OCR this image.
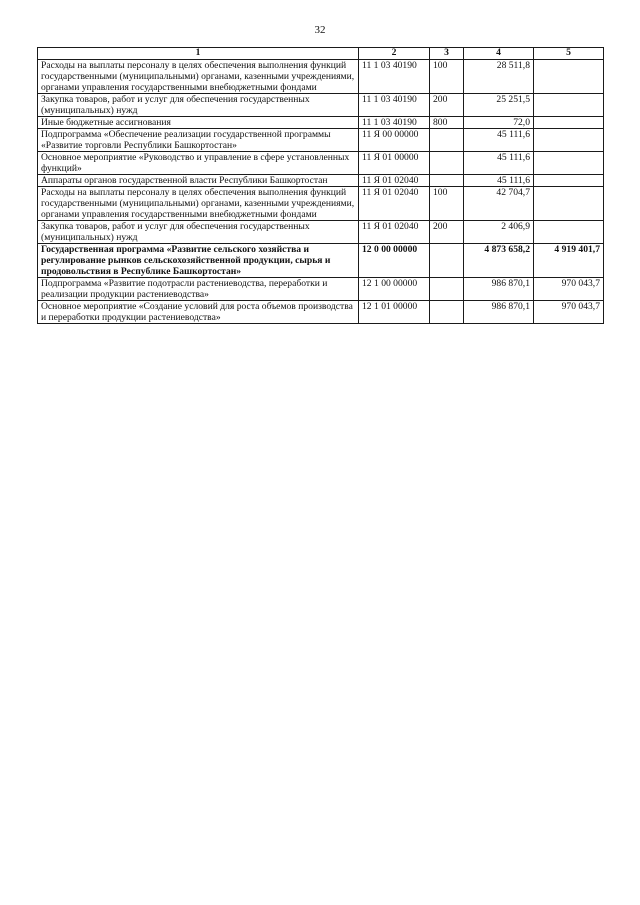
32
1	2	3	4	5
Расходы на выплаты персоналу в целях обеспечения выполнения функций государственными (муниципальными) органами, казенными учреждениями, органами управления государственными внебюджетными фондами	11 1 03 40190	100	28 511,8	
Закупка товаров, работ и услуг для обеспечения государственных (муниципальных) нужд	11 1 03 40190	200	25 251,5	
Иные бюджетные ассигнования	11 1 03 40190	800	72,0	
Подпрограмма «Обеспечение реализации государственной программы «Развитие торговли Республики Башкортостан»	11 Я 00 00000		45 111,6	
Основное мероприятие «Руководство и управление в сфере установленных функций»	11 Я 01 00000		45 111,6	
Аппараты органов государственной власти Республики Башкортостан	11 Я 01 02040		45 111,6	
Расходы на выплаты персоналу в целях обеспечения выполнения функций государственными (муниципальными) органами, казенными учреждениями, органами управления государственными внебюджетными фондами	11 Я 01 02040	100	42 704,7	
Закупка товаров, работ и услуг для обеспечения государственных (муниципальных) нужд	11 Я 01 02040	200	2 406,9	
Государственная программа «Развитие сельского хозяйства и регулирование рынков сельскохозяйственной продукции, сырья и продовольствия в Республике Башкортостан»	12 0 00 00000		4 873 658,2	4 919 401,7
Подпрограмма «Развитие подотрасли растениеводства, переработки и реализации продукции растениеводства»	12 1 00 00000		986 870,1	970 043,7
Основное мероприятие «Создание условий для роста объемов производства и переработки продукции растениеводства»	12 1 01 00000		986 870,1	970 043,7
